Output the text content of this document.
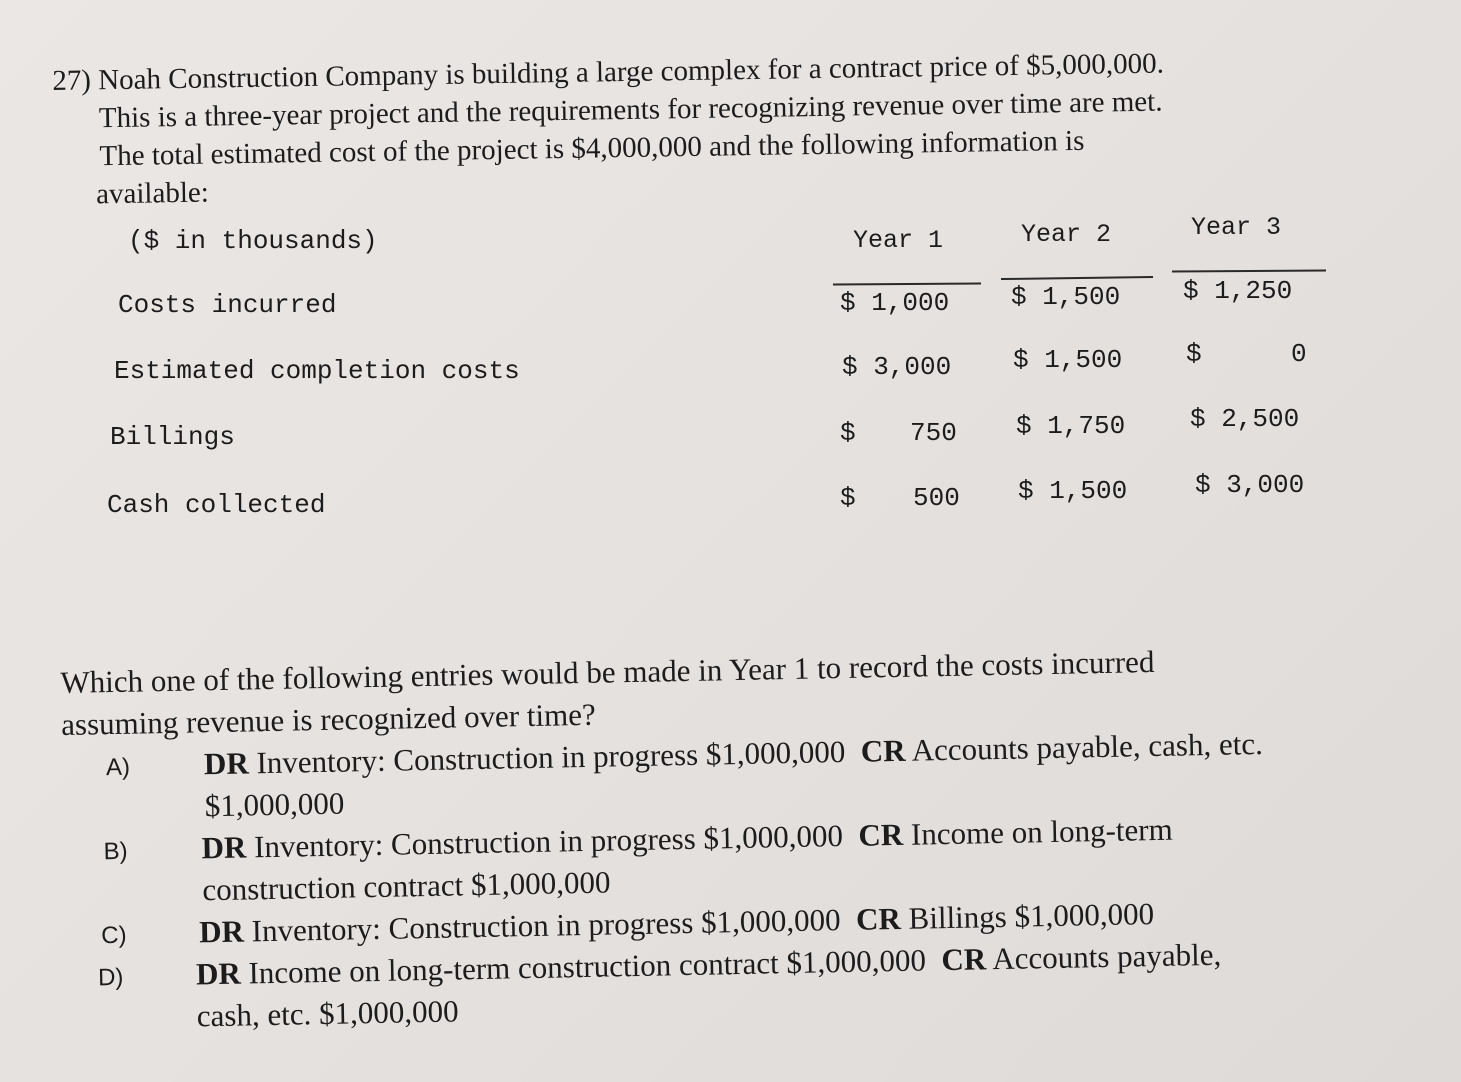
27) Noah Construction Company is building a large complex for a contract price of $5,000,000.
This is a three-year project and the requirements for recognizing revenue over time are met.
The total estimated cost of the project is $4,000,000 and the following information is
available:
($ in thousands)	Year 1	Year 2	Year 3
Costs incurred	$ 1,000 $ 1,500 $ 1,250
Estimated completion costs	$ 3,000 $ 1,500 $	0
Billings	$ 750 $ 1,750 $ 2,500
Cash collected	$ 500 $ 1,500	$ 3,000
Which one of the following entries would be made in Year 1 to record the costs incurred
assuming revenue is recognized over time?
A)	DR Inventory: Construction in progress $1,000,000 CR Accounts payable, cash, etc.
$1,000,000
B)	DR Inventory: Construction in progress $1,000,000 CR Income on long-term
construction contract $1,000,000
C)	DR Inventory: Construction in progress $1,000,000 CR Billings $1,000,000
D)	DR Income on long-term construction contract $1,000,000 CR Accounts payable,
cash, etc. $1,000,000
